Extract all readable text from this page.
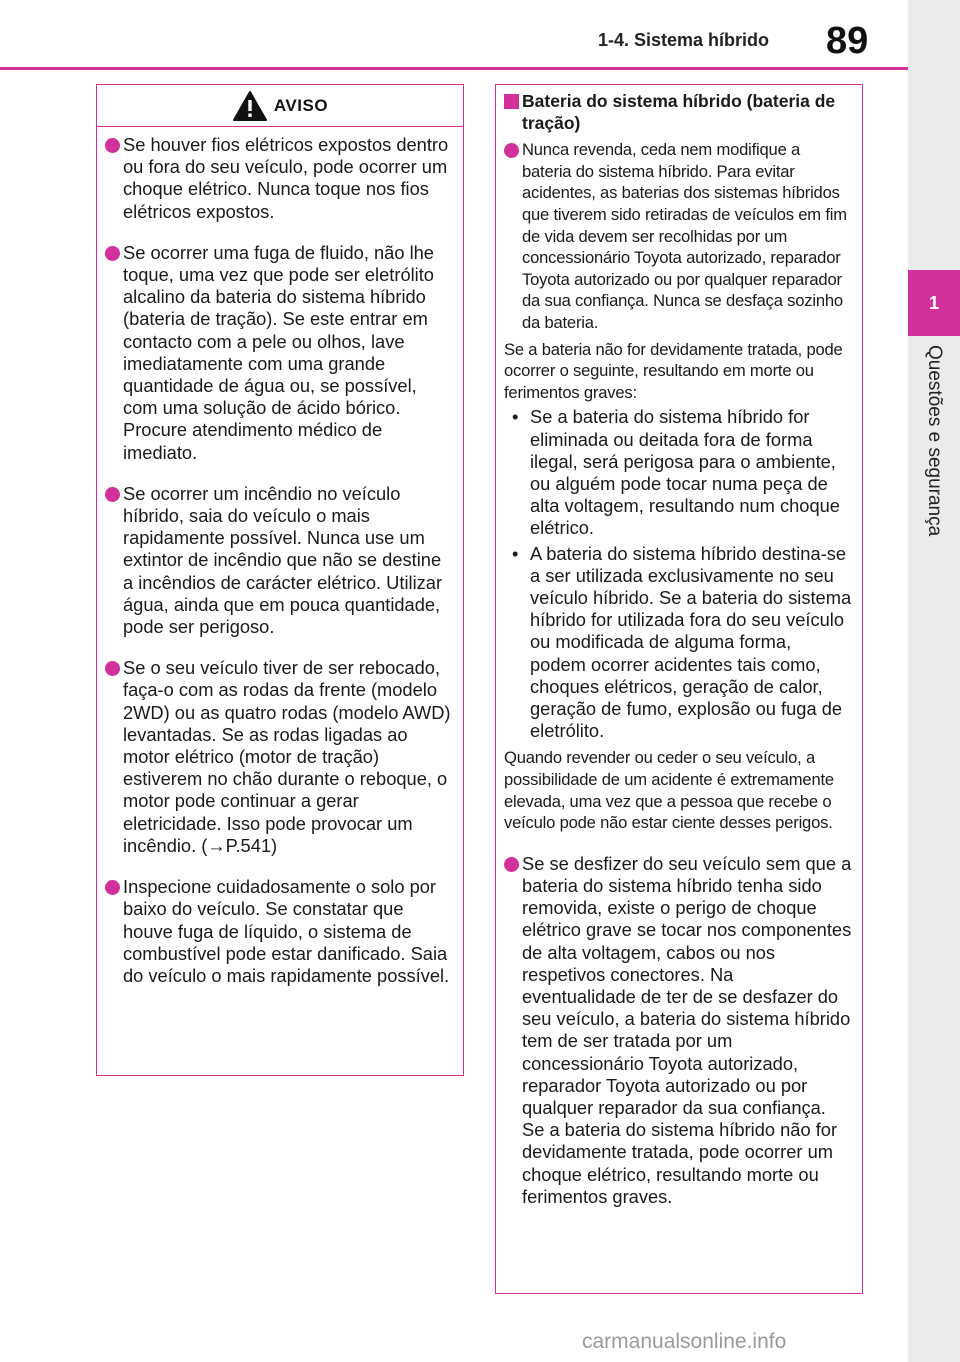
1-4. Sistema híbrido 89
1
Questões e segurança
AVISO
Se houver fios elétricos expostos dentro ou fora do seu veículo, pode ocorrer um choque elétrico. Nunca toque nos fios elétricos expostos.
Se ocorrer uma fuga de fluido, não lhe toque, uma vez que pode ser eletrólito alcalino da bateria do sistema híbrido (bateria de tração). Se este entrar em contacto com a pele ou olhos, lave imediatamente com uma grande quantidade de água ou, se possível, com uma solução de ácido bórico. Procure atendimento médico de imediato.
Se ocorrer um incêndio no veículo híbrido, saia do veículo o mais rapidamente possível. Nunca use um extintor de incêndio que não se destine a incêndios de carácter elétrico. Utilizar água, ainda que em pouca quantidade, pode ser perigoso.
Se o seu veículo tiver de ser rebocado, faça-o com as rodas da frente (modelo 2WD) ou as quatro rodas (modelo AWD) levantadas. Se as rodas ligadas ao motor elétrico (motor de tração) estiverem no chão durante o reboque, o motor pode continuar a gerar eletricidade. Isso pode provocar um incêndio. (→P.541)
Inspecione cuidadosamente o solo por baixo do veículo. Se constatar que houve fuga de líquido, o sistema de combustível pode estar danificado. Saia do veículo o mais rapidamente possível.
Bateria do sistema híbrido (bateria de tração)
Nunca revenda, ceda nem modifique a bateria do sistema híbrido. Para evitar acidentes, as baterias dos sistemas híbridos que tiverem sido retiradas de veículos em fim de vida devem ser recolhidas por um concessionário Toyota autorizado, reparador Toyota autorizado ou por qualquer reparador da sua confiança. Nunca se desfaça sozinho da bateria.
Se a bateria não for devidamente tratada, pode ocorrer o seguinte, resultando em morte ou ferimentos graves:
• Se a bateria do sistema híbrido for eliminada ou deitada fora de forma ilegal, será perigosa para o ambiente, ou alguém pode tocar numa peça de alta voltagem, resultando num choque elétrico.
• A bateria do sistema híbrido destina-se a ser utilizada exclusivamente no seu veículo híbrido. Se a bateria do sistema híbrido for utilizada fora do seu veículo ou modificada de alguma forma, podem ocorrer acidentes tais como, choques elétricos, geração de calor, geração de fumo, explosão ou fuga de eletrólito.
Quando revender ou ceder o seu veículo, a possibilidade de um acidente é extremamente elevada, uma vez que a pessoa que recebe o veículo pode não estar ciente desses perigos.
Se se desfizer do seu veículo sem que a bateria do sistema híbrido tenha sido removida, existe o perigo de choque elétrico grave se tocar nos componentes de alta voltagem, cabos ou nos respetivos conectores. Na eventualidade de ter de se desfazer do seu veículo, a bateria do sistema híbrido tem de ser tratada por um concessionário Toyota autorizado, reparador Toyota autorizado ou por qualquer reparador da sua confiança. Se a bateria do sistema híbrido não for devidamente tratada, pode ocorrer um choque elétrico, resultando morte ou ferimentos graves.
carmanualsonline.info
